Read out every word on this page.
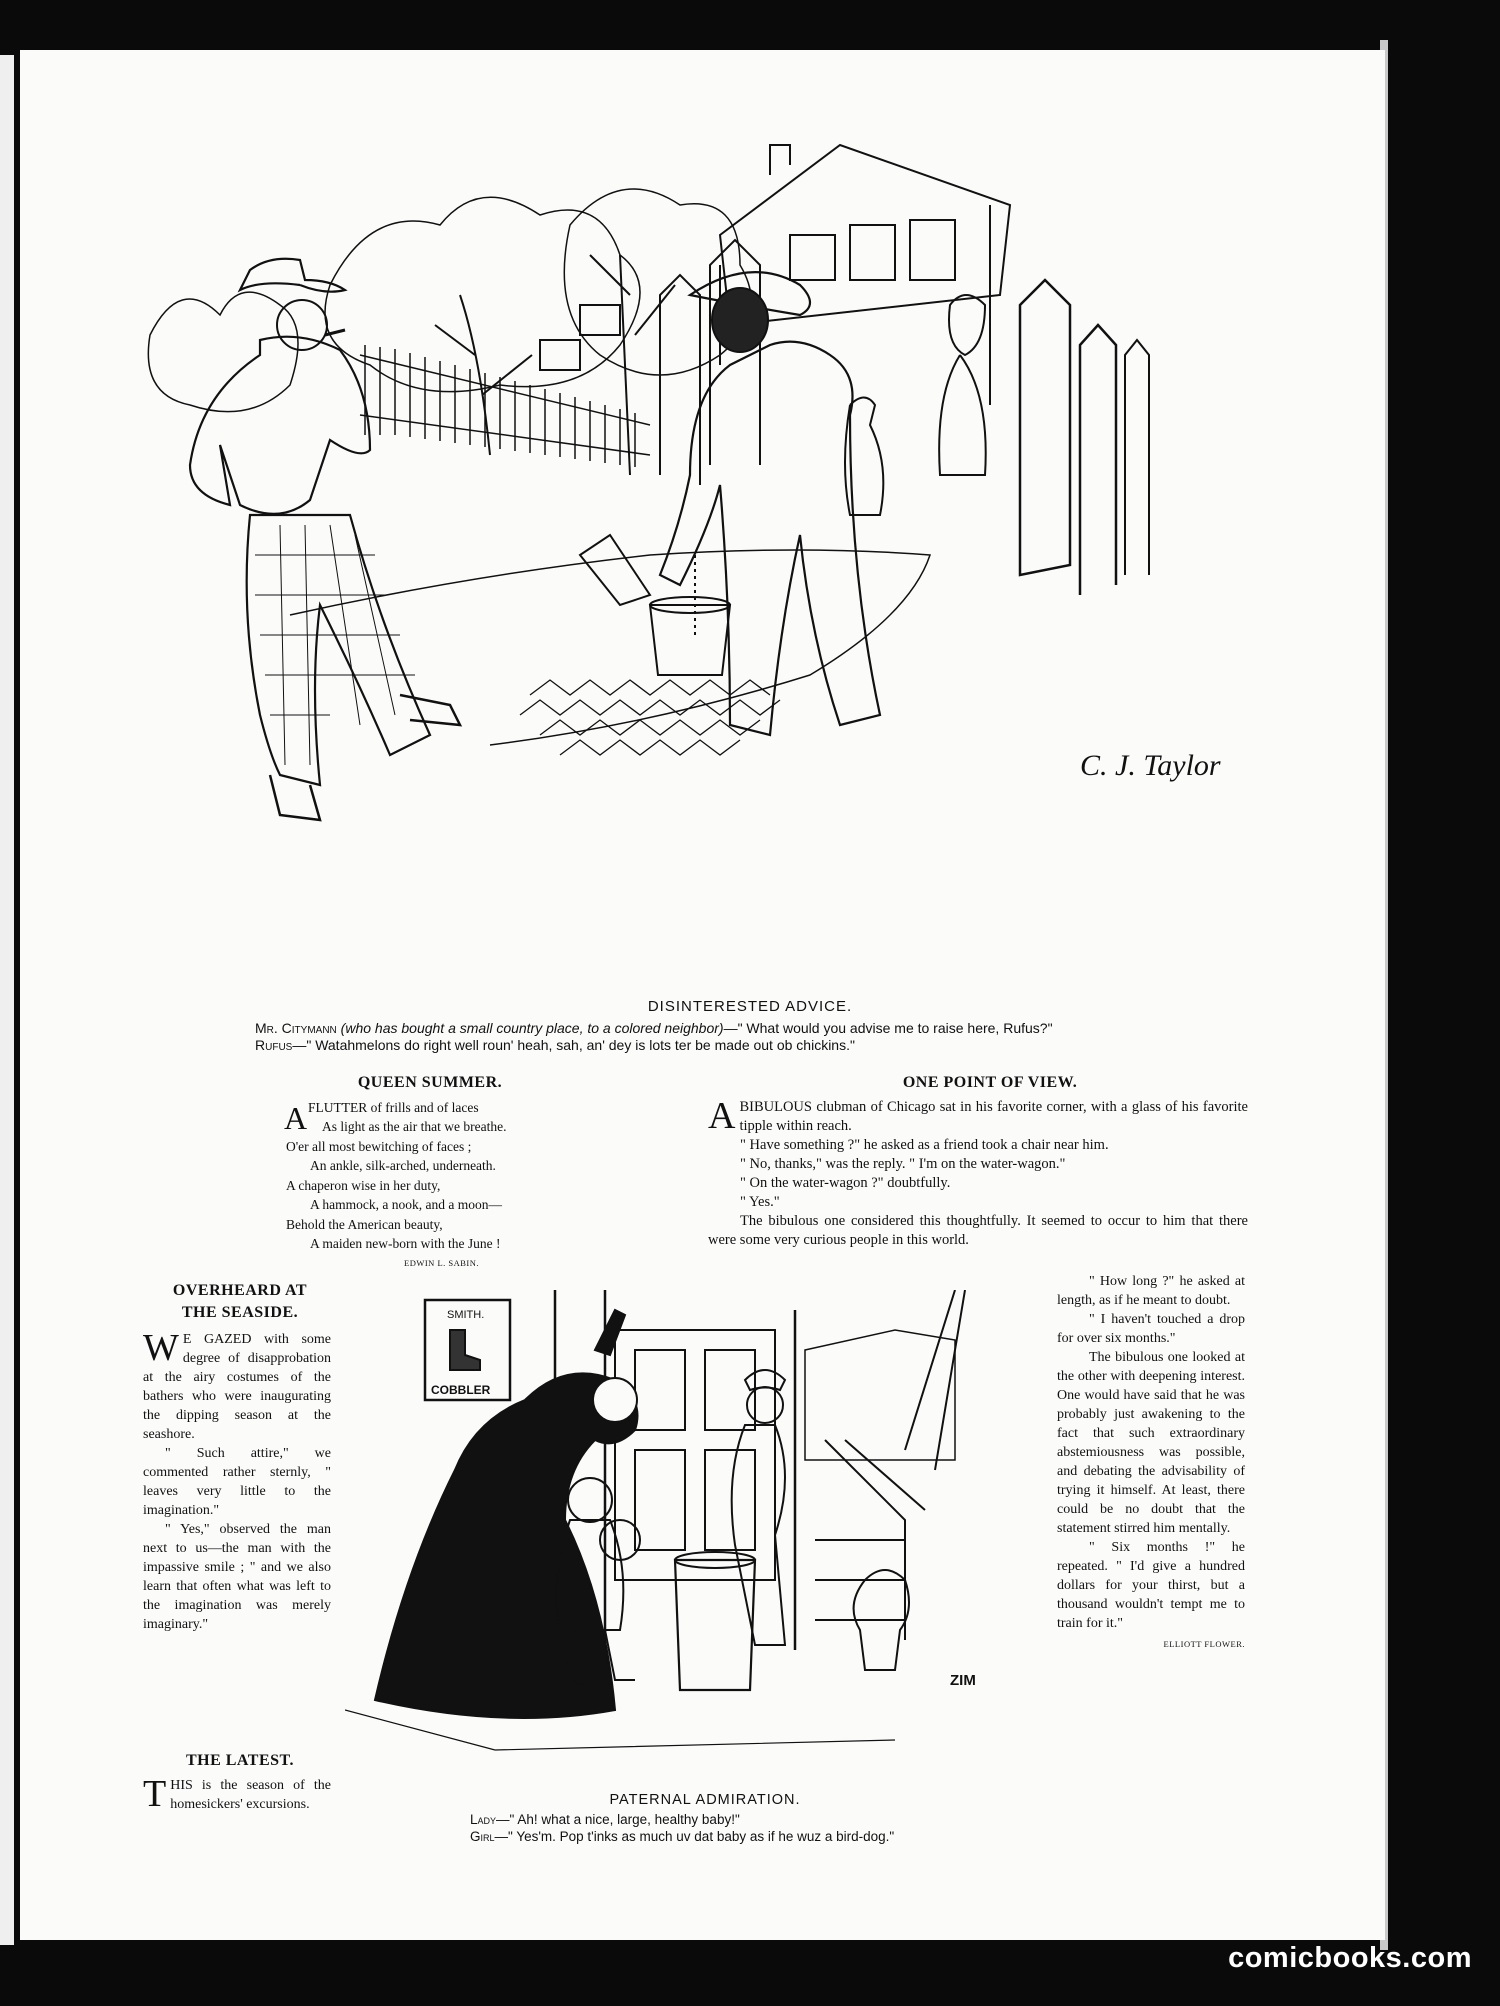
C. J. Taylor
DISINTERESTED ADVICE.
Mr. Citymann (who has bought a small country place, to a colored neighbor)—" What would you advise me to raise here, Rufus?"
Rufus—" Watahmelons do right well roun' heah, sah, an' dey is lots ter be made out ob chickins."
QUEEN SUMMER.
A FLUTTER of frills and of laces
As light as the air that we breathe.
O'er all most bewitching of faces ;
An ankle, silk-arched, underneath.
A chaperon wise in her duty,
A hammock, a nook, and a moon—
Behold the American beauty,
A maiden new-born with the June !
EDWIN L. SABIN.
ONE POINT OF VIEW.
ABIBULOUS clubman of Chicago sat in his favorite corner, with a glass of his favorite tipple within reach.

" Have something ?" he asked as a friend took a chair near him.

" No, thanks," was the reply. " I'm on the water-wagon."

" On the water-wagon ?" doubtfully.

" Yes."

The bibulous one considered this thoughtfully. It seemed to occur to him that there were some very curious people in this world.

" How long ?" he asked at length, as if he meant to doubt.

" I haven't touched a drop for over six months."

The bibulous one looked at the other with deepening interest. One would have said that he was probably just awakening to the fact that such extraordinary abstemiousness was possible, and debating the advisability of trying it himself. At least, there could be no doubt that the statement stirred him mentally.

" Six months !" he repeated. " I'd give a hundred dollars for your thirst, but a thousand wouldn't tempt me to train for it."

ELLIOTT FLOWER.
OVERHEARD AT
THE SEASIDE.
W E GAZED with some degree of disapprobation at the airy costumes of the bathers who were inaugurating the dipping season at the seashore.

" Such attire," we commented rather sternly, " leaves very little to the imagination."

" Yes," observed the man next to us—the man with the impassive smile ; " and we also learn that often what was left to the imagination was merely imaginary."

THE LATEST.
THIS is the season of the homesickers' excursions.
SMITH.
COBBLER
ZIM
PATERNAL ADMIRATION.
Lady—" Ah! what a nice, large, healthy baby!"
Girl—" Yes'm. Pop t'inks as much uv dat baby as if he wuz a bird-dog."
comicbooks.com
